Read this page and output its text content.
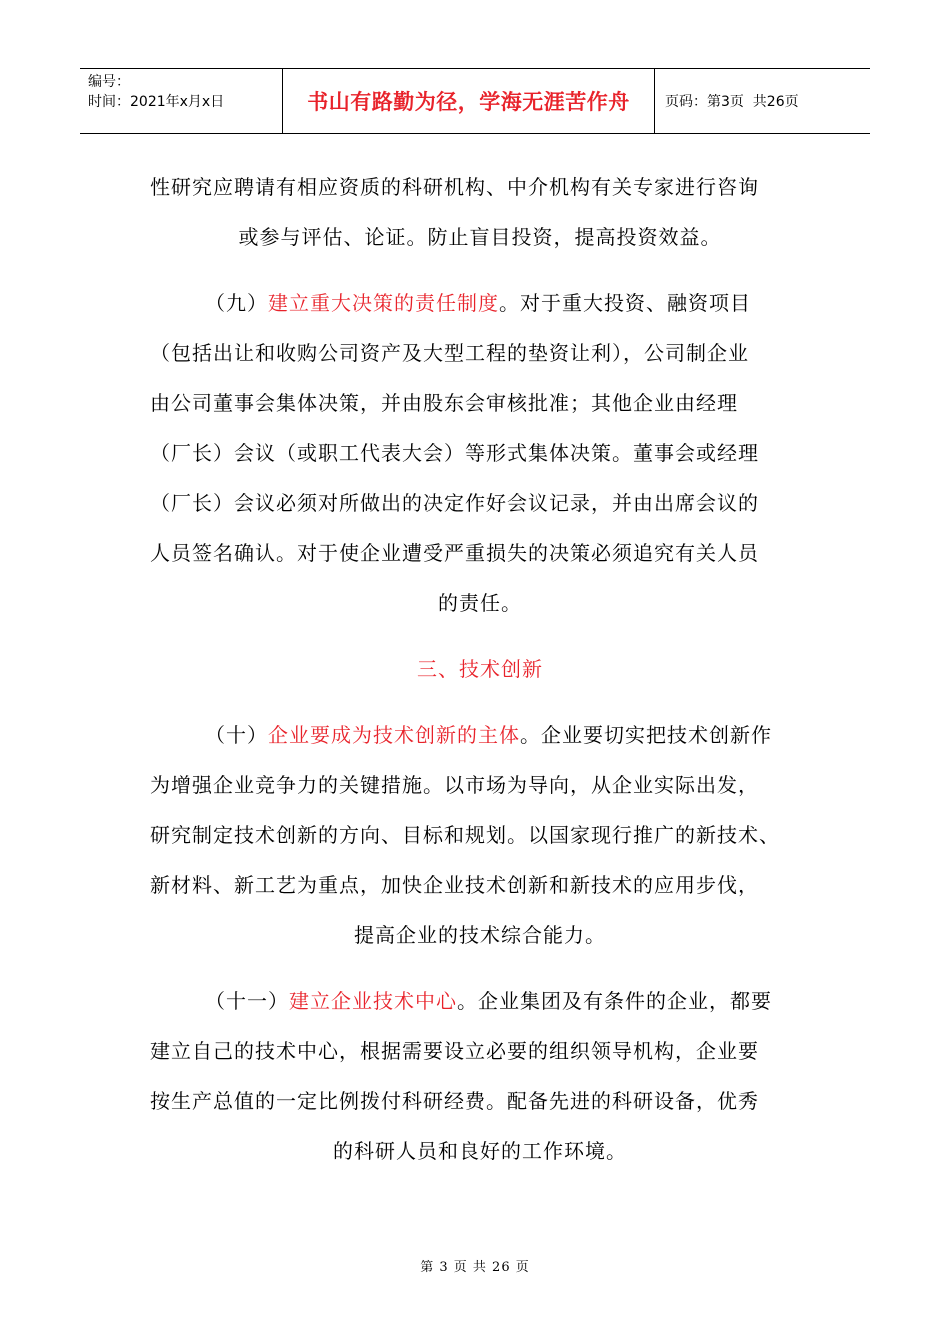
编号：
时间：2021年x月x日	书山有路勤为径，学海无涯苦作舟	页码：第3页  共26页
性研究应聘请有相应资质的科研机构、中介机构有关专家进行咨询
或参与评估、论证。防止盲目投资，提高投资效益。
（九）建立重大决策的责任制度。对于重大投资、融资项目
（包括出让和收购公司资产及大型工程的垫资让利），公司制企业
由公司董事会集体决策，并由股东会审核批准；其他企业由经理
（厂长）会议（或职工代表大会）等形式集体决策。董事会或经理
（厂长）会议必须对所做出的决定作好会议记录，并由出席会议的
人员签名确认。对于使企业遭受严重损失的决策必须追究有关人员
的责任。
三、技术创新
（十）企业要成为技术创新的主体。企业要切实把技术创新作
为增强企业竞争力的关键措施。以市场为导向，从企业实际出发，
研究制定技术创新的方向、目标和规划。以国家现行推广的新技术、
新材料、新工艺为重点，加快企业技术创新和新技术的应用步伐，
提高企业的技术综合能力。
（十一）建立企业技术中心。企业集团及有条件的企业，都要
建立自己的技术中心，根据需要设立必要的组织领导机构，企业要
按生产总值的一定比例拨付科研经费。配备先进的科研设备，优秀
的科研人员和良好的工作环境。
第 3 页 共 26 页
